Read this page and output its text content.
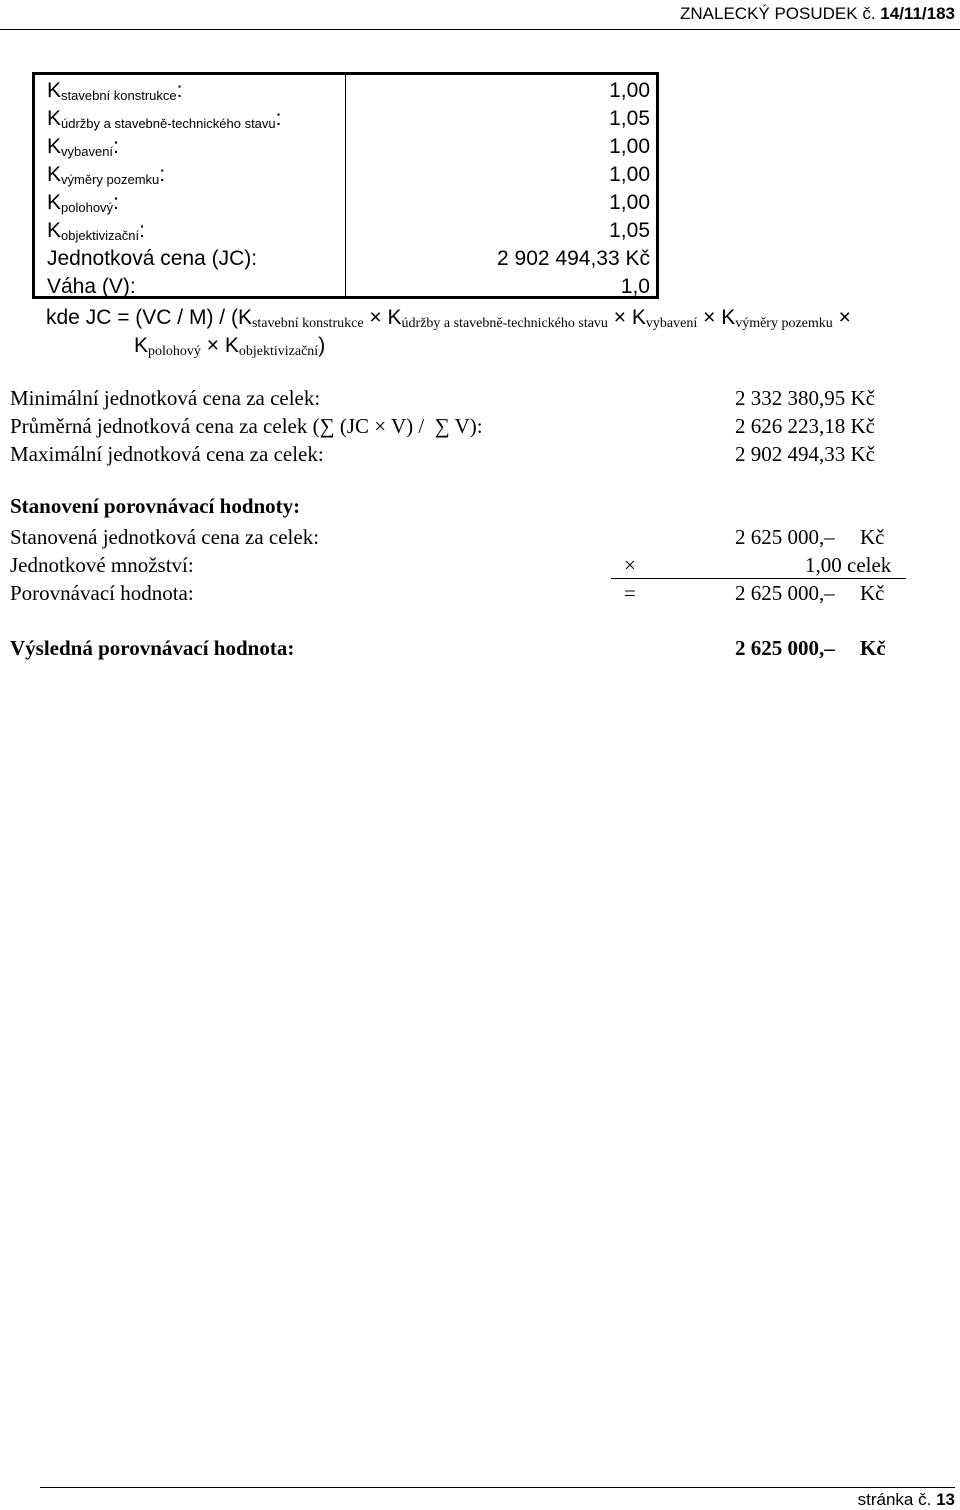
ZNALECKÝ POSUDEK č. 14/11/183
$K_{stavební konstrukce}$:	1,00
$K_{údržby a stavebně-technického stavu}$:	1,05
$K_{vybavení}$:	1,00
$K_{výměry pozemku}$:	1,00
$K_{polohový}$:	1,00
$K_{objektivizační}$:	1,05
Jednotková cena (JC):	2 902 494,33 Kč
Váha (V):	1,0
kde JC = $(VC / M) / (K_{stavební konstrukce} \times K_{údržby a stavebně-technického stavu} \times K_{vybavení} \times K_{výměry pozemku}$ ×
$K_{polohový} \times K_{objektivizační}$)
Minimální jednotková cena za celek:	2 332 380,95 Kč
Průměrná jednotková cena za celek (∑ (JC × V) / ∑ V):	2 626 223,18 Kč
Maximální jednotková cena za celek:	2 902 494,33 Kč
Stanovení porovnávací hodnoty:
Stanovená jednotková cena za celek:	2 625 000,– Kč
Jednotkové množství:	×	1,00 celek
Porovnávací hodnota:	=	2 625 000,– Kč
Výsledná porovnávací hodnota:	2 625 000,– Kč
stránka č. 13
